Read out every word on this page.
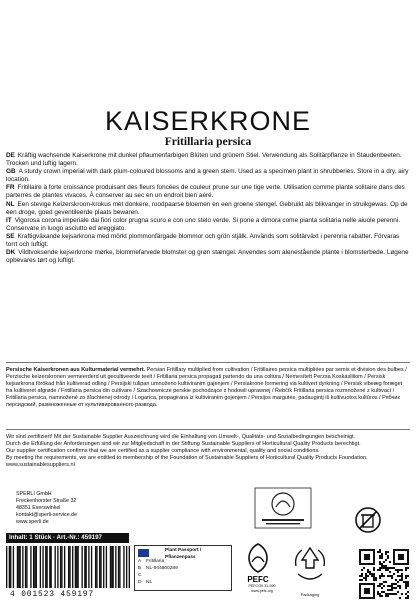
KAISERKRONE
Fritillaria persica

DE Kräftig wachsende Kaiserkrone mit dunkel pflaumenfarbigen Blüten und grünem Stiel. Verwendung als Solitärpflanze in Staudenbeeten. Trocken und luftig lagern.

GB A sturdy crown imperial with dark plum-coloured blossoms and a green stem. Used as a specimen plant in shrubberies. Store in a dry, airy location.

FR Fritillaire à forte croissance produisant des fleurs foncées de couleur prune sur une tige verte. Utilisation comme plante solitaire dans des parterres de plantes vivaces. À conserver au sec en un endroit bien aéré.

NL Een stevige Keizerskroon-krokus met donkere, roodpaarse bloemen en een groene stengel. Gebruikt als blikvanger in struikgewas. Op de een droge, goed geventileerde plaats bewaren.

IT Vigorosa corona imperiale dai fiori color prugna scuro e con uno stelo verde. Si pone a dimora come pianta solitaria nelle aiuole perenni. Conservare in luogo asciutto ed areggiato.

SE Kraftigväxande kejsarkrona med mörkt plommonfärgade blommor och grön stjälk. Används som solitärväxt i perenna rabatter. Förvaras torrt och luftigt.

DK Vildtvoksende kejserkrone mørke, blommefarvede blomster og grøn stængel. Anvendes som alenestående plante i blomsterbede. Løgene opbevares tørt og luftigt.

Persische Kaiserkronen aus Kulturmaterial vermehrt. Persian Fritillary multiplied from cultivation / Fritillaires persica multipliées par semis et division des bulbes / Perzische keizerskronen vermeerderd uit gecultiveerde teelt / Fritillaria persica propagati partendo da una coltura / Nemesített Perzsa Koskásliliom / Persisk kejsarkrona förökad från kultiverad odling / Persijski tulipan umnoženo kultiviranim gajenjem / Persiakrone formering via kultivert dyrkning / Persisk vibeæg foræget fra kultiveret afgrøde / Fritillaria persica din cultivare / Szachownicze perskie pochodzące z hodowli uprawnej / Řebčík Fritillaria persica rozmnožené z kultivací / Fritillaria persica, namnožené zo šľachtenej odrody / Logarica, propagirana iz kultiviranim gojenjem / Persijos margutės, padaugintį iš kultivuotos kultūros / Рябчик персидский, размноженные от культивированного развода.
Wir sind zertifiziert! Mit der Sustainable Supplier Auszeichnung wird die Einhaltung von Umwelt-, Qualitäts- und Sozialbedingungen bescheinigt.
Durch die Erfüllung der Anforderungen sind wir zur Mitgliedschaft in der Stiftung Sustainable Suppliers of Horticultural Quality Products berechtigt.
Our supplier certification confirms that we are certified as a supplier compliance with environmental, quality and social conditions.
By meeting the requirements, we are entitled to membership of the Foundation of Sustainable Suppliers of Horticultural Quality Products Foundation.
www.sustainablesuppliers.nl
SPERLI GmbH
Freckenhorster Straße 32
48351 Everswinkel
kontakt@sperli-service.de
www.sperli.de
Inhalt: 1 Stück · Art.-Nr.: 459197
4 001523 459197
Plant Passport / Pflanzenpass
A Fritillaria
B NL-944800289
C
D NL	PEFC
PEFC/30-31-590
www.pefc.org
Packaging
